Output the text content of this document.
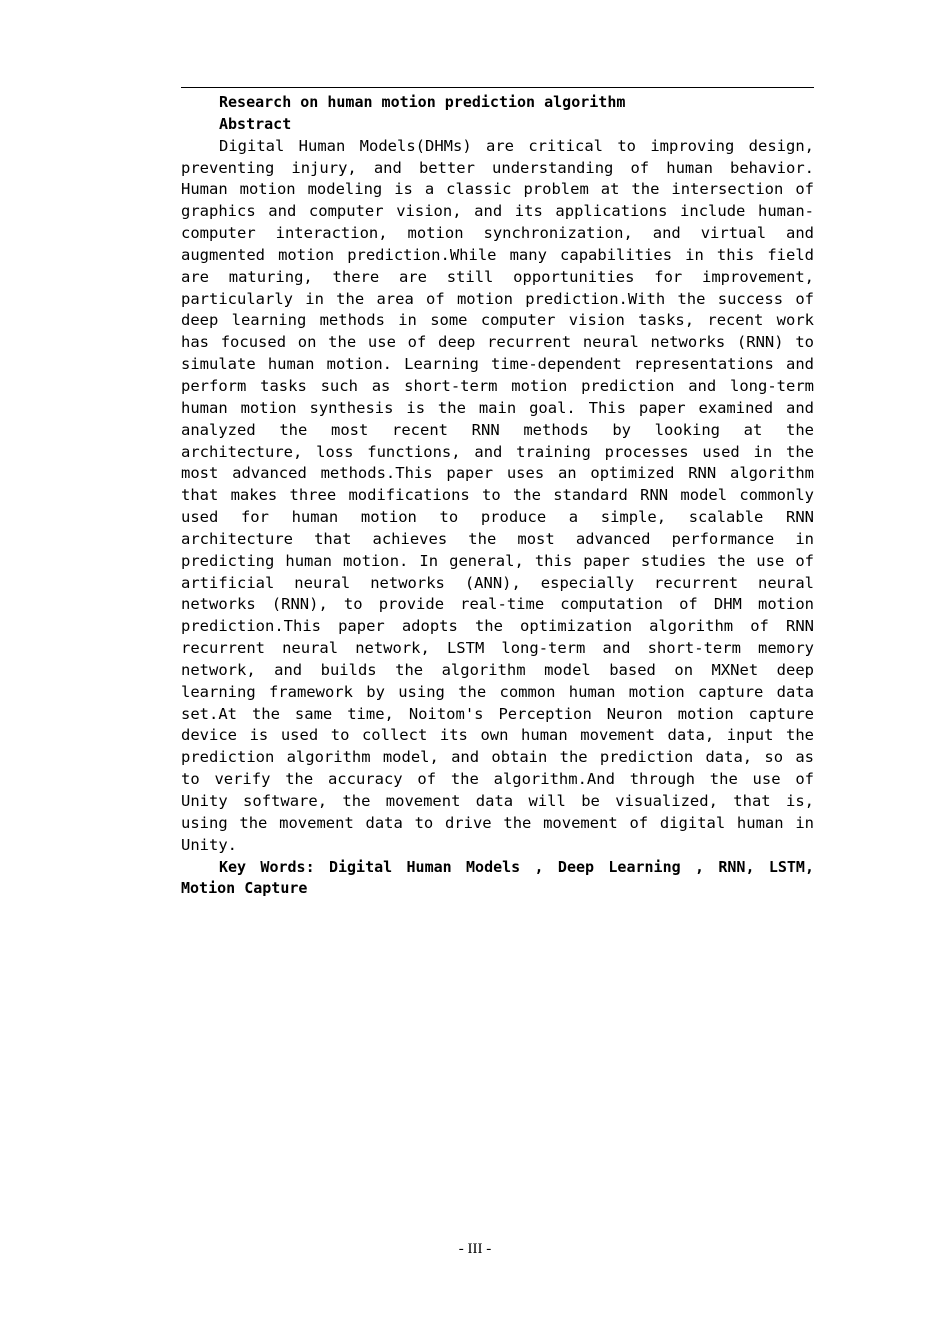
Research on human motion prediction algorithm
Abstract

Digital Human Models(DHMs) are critical to improving design, preventing injury, and better understanding of human behavior. Human motion modeling is a classic problem at the intersection of graphics and computer vision, and its applications include human-computer interaction, motion synchronization, and virtual and augmented motion prediction.While many capabilities in this field are maturing, there are still opportunities for improvement, particularly in the area of motion prediction.With the success of deep learning methods in some computer vision tasks, recent work has focused on the use of deep recurrent neural networks (RNN) to simulate human motion. Learning time-dependent representations and perform tasks such as short-term motion prediction and long-term human motion synthesis is the main goal. This paper examined and analyzed the most recent RNN methods by looking at the architecture, loss functions, and training processes used in the most advanced methods.This paper uses an optimized RNN algorithm that makes three modifications to the standard RNN model commonly used for human motion to produce a simple, scalable RNN architecture that achieves the most advanced performance in predicting human motion. In general, this paper studies the use of artificial neural networks (ANN), especially recurrent neural networks (RNN), to provide real-time computation of DHM motion prediction.This paper adopts the optimization algorithm of RNN recurrent neural network, LSTM long-term and short-term memory network, and builds the algorithm model based on MXNet deep learning framework by using the common human motion capture data set.At the same time, Noitom's Perception Neuron motion capture device is used to collect its own human movement data, input the prediction algorithm model, and obtain the prediction data, so as to verify the accuracy of the algorithm.And through the use of Unity software, the movement data will be visualized, that is, using the movement data to drive the movement of digital human in Unity.

Key Words: Digital Human Models , Deep Learning , RNN, LSTM, Motion Capture

- III -
